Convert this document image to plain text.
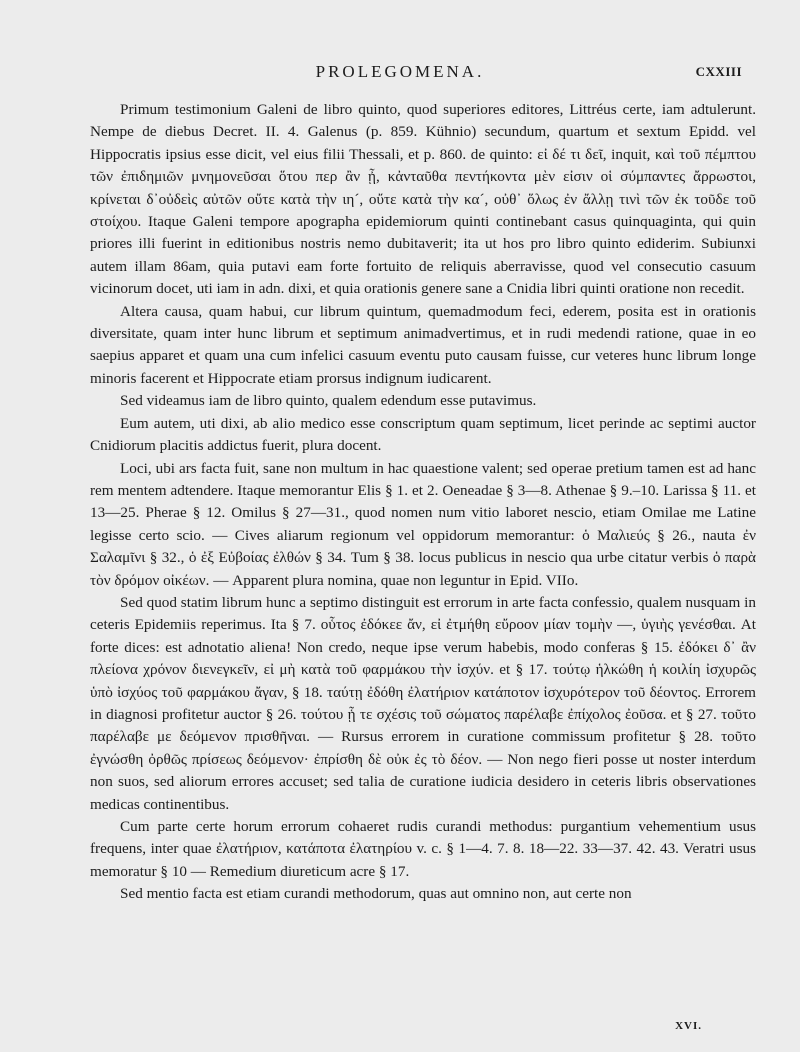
PROLEGOMENA.	CXXIII

Primum testimonium Galeni de libro quinto, quod superiores editores, Littréus certe, iam adtulerunt. Nempe de diebus Decret. II. 4. Galenus (p. 859. Kühnio) secundum, quartum et sextum Epidd. vel Hippocratis ipsius esse dicit, vel eius filii Thessali, et p. 860. de quinto: εἰ δέ τι δεῖ, inquit, καὶ τοῦ πέμπτου τῶν ἐπιδημιῶν μνημονεῦσαι ὅτου περ ἂν ᾖ, κἀνταῦθα πεντήκοντα μὲν εἰσιν οἱ σύμπαντες ἄρρωστοι, κρίνεται δ᾽οὐδεὶς αὐτῶν οὔτε κατὰ τὴν ιη´, οὔτε κατὰ τὴν κα´, οὐθ᾽ ὅλως ἐν ἄλλῃ τινὶ τῶν ἐκ τοῦδε τοῦ στοίχου. Itaque Galeni tempore apographa epidemiorum quinti continebant casus quinquaginta, qui quin priores illi fuerint in editionibus nostris nemo dubitaverit; ita ut hos pro libro quinto ediderim. Subiunxi autem illam 86am, quia putavi eam forte fortuito de reliquis aberravisse, quod vel consecutio casuum vicinorum docet, uti iam in adn. dixi, et quia orationis genere sane a Cnidia libri quinti oratione non recedit.

Altera causa, quam habui, cur librum quintum, quemadmodum feci, ederem, posita est in orationis diversitate, quam inter hunc librum et septimum animadvertimus, et in rudi medendi ratione, quae in eo saepius apparet et quam una cum infelici casuum eventu puto causam fuisse, cur veteres hunc librum longe minoris facerent et Hippocrate etiam prorsus indignum iudicarent.

Sed videamus iam de libro quinto, qualem edendum esse putavimus.

Eum autem, uti dixi, ab alio medico esse conscriptum quam septimum, licet perinde ac septimi auctor Cnidiorum placitis addictus fuerit, plura docent.

Loci, ubi ars facta fuit, sane non multum in hac quaestione valent; sed operae pretium tamen est ad hanc rem mentem adtendere. Itaque memorantur Elis § 1. et 2. Oeneadae § 3—8. Athenae § 9.–10. Larissa § 11. et 13—25. Pherae § 12. Omilus § 27—31., quod nomen num vitio laboret nescio, etiam Omilae me Latine legisse certo scio. — Cives aliarum regionum vel oppidorum memorantur: ὁ Μαλιεύς § 26., nauta ἐν Σαλαμῖνι § 32., ὁ ἐξ Εὐβοίας ἐλθών § 34. Tum § 38. locus publicus in nescio qua urbe citatur verbis ὁ παρὰ τὸν δρόμον οἰκέων. — Apparent plura nomina, quae non leguntur in Epid. VIIo.

Sed quod statim librum hunc a septimo distinguit est errorum in arte facta confessio, qualem nusquam in ceteris Epidemiis reperimus. Ita § 7. οὗτος ἐδόκεε ἄν, εἰ ἐτμήθη εὔροον μίαν τομὴν —, ὑγιὴς γενέσθαι. At forte dices: est adnotatio aliena! Non credo, neque ipse verum habebis, modo conferas § 15. ἐδόκει δ᾽ ἂν πλείονα χρόνον διενεγκεῖν, εἰ μὴ κατὰ τοῦ φαρμάκου τὴν ἰσχύν. et § 17. τούτῳ ἡλκώθη ἡ κοιλίη ἰσχυρῶς ὑπὸ ἰσχύος τοῦ φαρμάκου ἄγαν, § 18. ταύτῃ ἐδόθη ἐλατήριον κατάποτον ἰσχυρότερον τοῦ δέοντος. Errorem in diagnosi profitetur auctor § 26. τούτου ᾗ τε σχέσις τοῦ σώματος παρέλαβε ἐπίχολος ἐοῦσα. et § 27. τοῦτο παρέλαβε με δεόμενον πρισθῆναι. — Rursus errorem in curatione commissum profitetur § 28. τοῦτο ἐγνώσθη ὀρθῶς πρίσεως δεόμενον· ἐπρίσθη δὲ οὐκ ἐς τὸ δέον. — Non nego fieri posse ut noster interdum non suos, sed aliorum errores accuset; sed talia de curatione iudicia desidero in ceteris libris observationes medicas continentibus.

Cum parte certe horum errorum cohaeret rudis curandi methodus: purgantium vehementium usus frequens, inter quae ἐλατήριον, κατάποτα ἐλατηρίου v. c. § 1—4. 7. 8. 18—22. 33—37. 42. 43. Veratri usus memoratur § 10 — Remedium diureticum acre § 17.

Sed mentio facta est etiam curandi methodorum, quas aut omnino non, aut certe non

XVI.
